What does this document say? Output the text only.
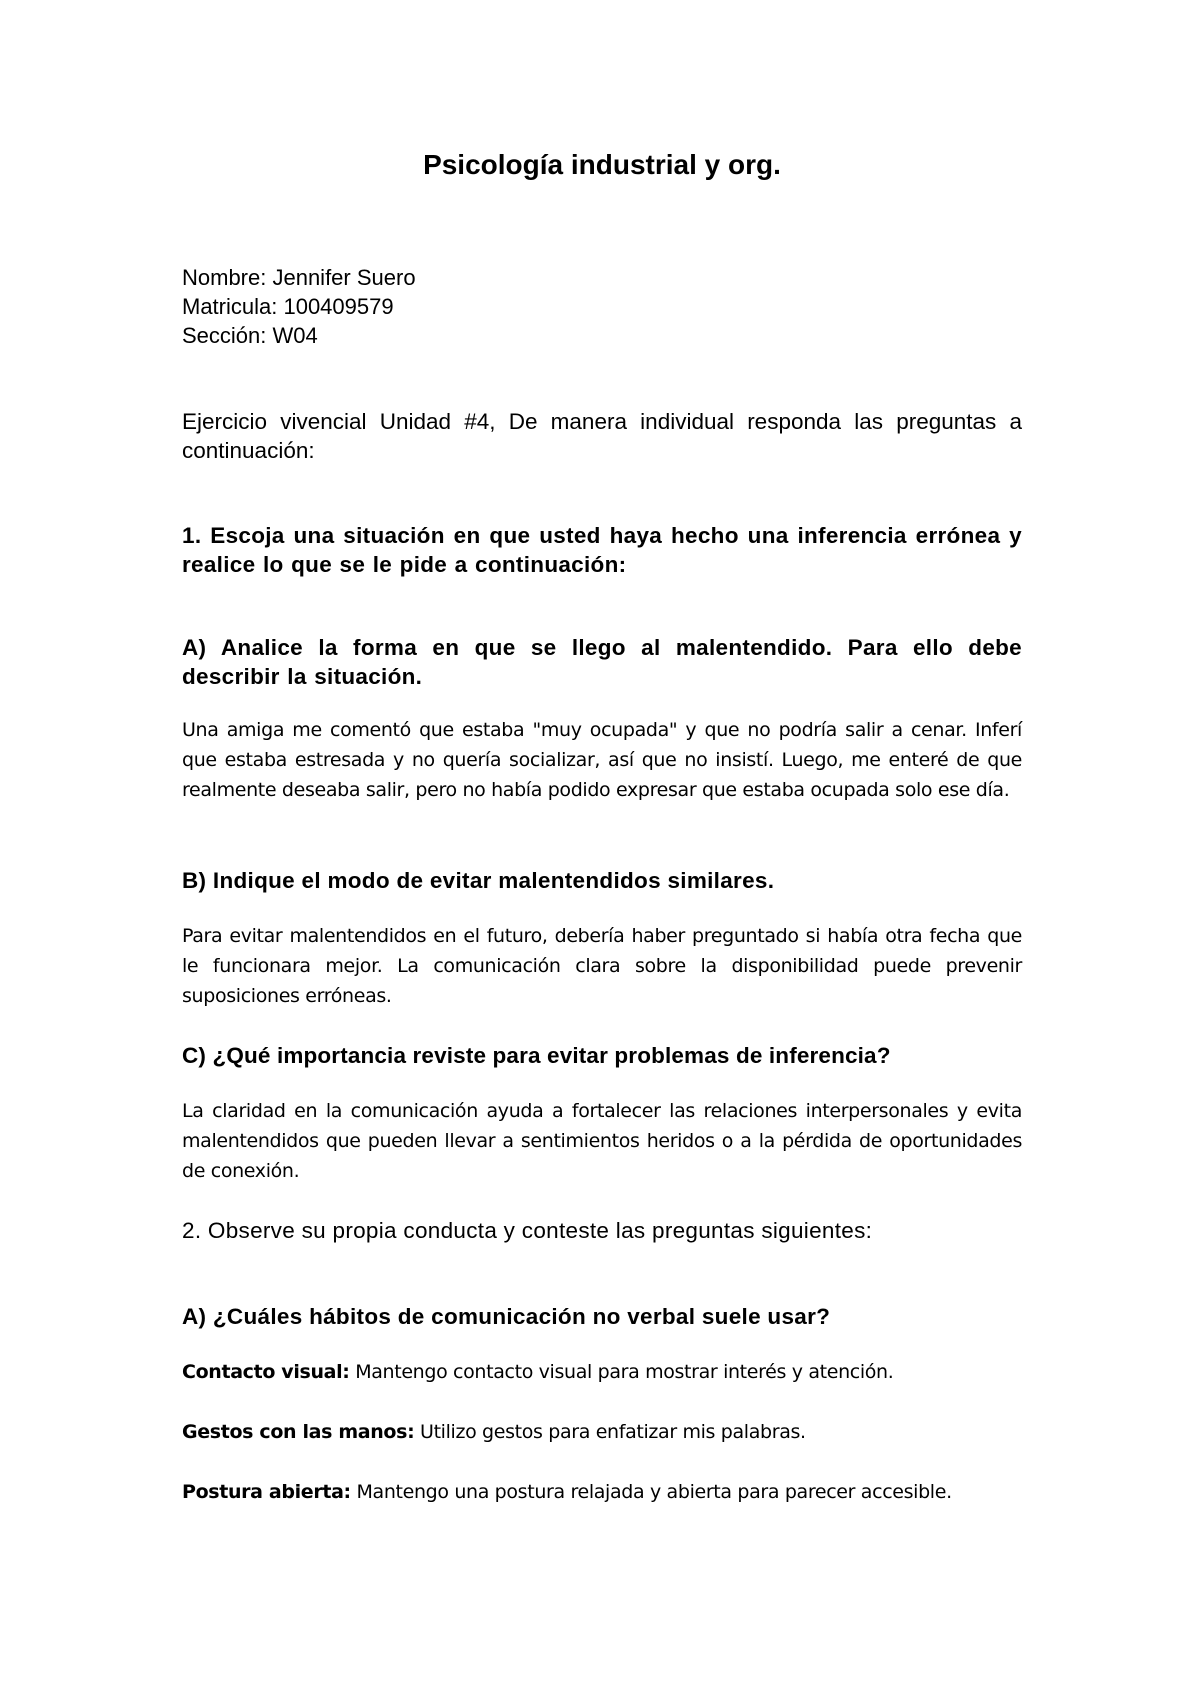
Psicología industrial y org.
Nombre: Jennifer Suero
Matricula: 100409579
Sección: W04
Ejercicio vivencial Unidad #4, De manera individual responda las preguntas a continuación:
1. Escoja una situación en que usted haya hecho una inferencia errónea y realice lo que se le pide a continuación:
A) Analice la forma en que se llego al malentendido. Para ello debe describir la situación.
Una amiga me comentó que estaba "muy ocupada" y que no podría salir a cenar. Inferí que estaba estresada y no quería socializar, así que no insistí. Luego, me enteré de que realmente deseaba salir, pero no había podido expresar que estaba ocupada solo ese día.
B) Indique el modo de evitar malentendidos similares.
Para evitar malentendidos en el futuro, debería haber preguntado si había otra fecha que le funcionara mejor. La comunicación clara sobre la disponibilidad puede prevenir suposiciones erróneas.
C) ¿Qué importancia reviste para evitar problemas de inferencia?
La claridad en la comunicación ayuda a fortalecer las relaciones interpersonales y evita malentendidos que pueden llevar a sentimientos heridos o a la pérdida de oportunidades de conexión.
2. Observe su propia conducta y conteste las preguntas siguientes:
A) ¿Cuáles hábitos de comunicación no verbal suele usar?
Contacto visual: Mantengo contacto visual para mostrar interés y atención.
Gestos con las manos: Utilizo gestos para enfatizar mis palabras.
Postura abierta: Mantengo una postura relajada y abierta para parecer accesible.
